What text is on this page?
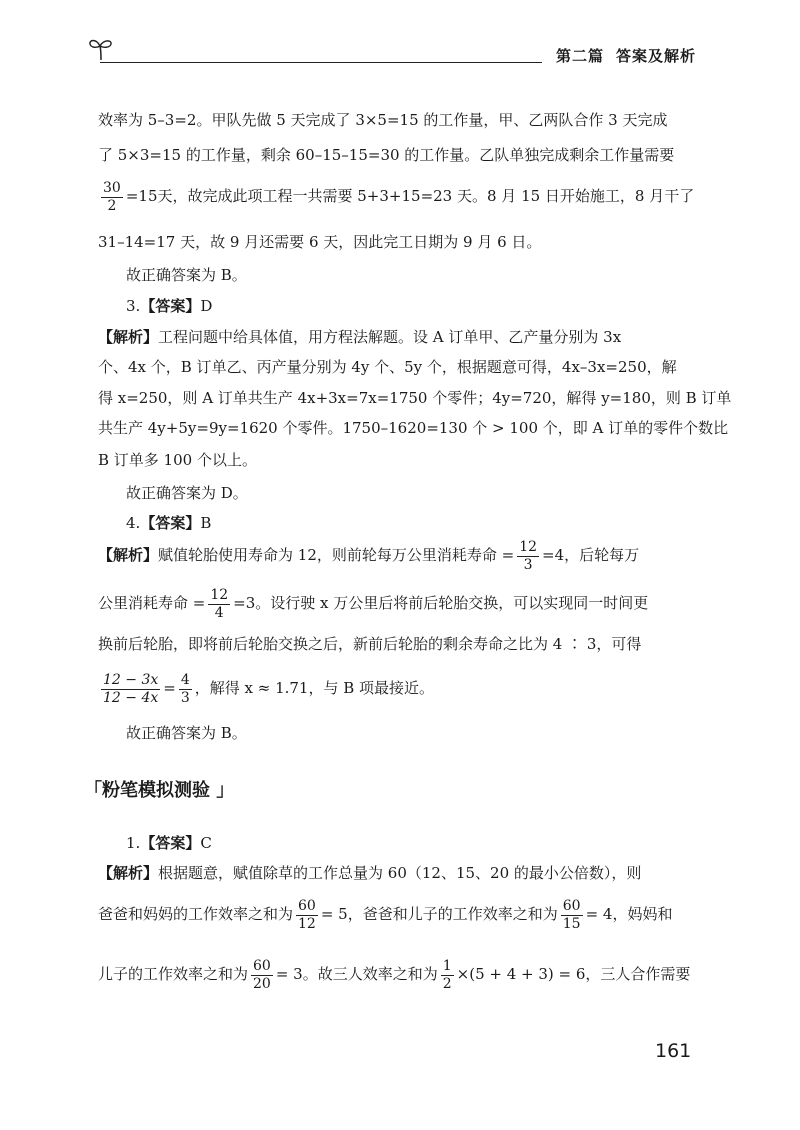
第二篇 答案及解析
效率为 5–3=2。甲队先做 5 天完成了 3×5=15 的工作量，甲、乙两队合作 3 天完成
了 5×3=15 的工作量，剩余 60–15–15=30 的工作量。乙队单独完成剩余工作量需要
$\frac{30}{2} =15$天，故完成此项工程一共需要 5+3+15=23 天。8 月 15 日开始施工，8 月干了
31–14=17 天，故 9 月还需要 6 天，因此完工日期为 9 月 6 日。
故正确答案为 B。
3.【答案】D
【解析】工程问题中给具体值，用方程法解题。设 A 订单甲、乙产量分别为 3x
个、4x 个，B 订单乙、丙产量分别为 4y 个、5y 个，根据题意可得，4x–3x=250，解
得 x=250，则 A 订单共生产 4x+3x=7x=1750 个零件；4y=720，解得 y=180，则 B 订单
共生产 4y+5y=9y=1620 个零件。1750–1620=130 个 > 100 个，即 A 订单的零件个数比
B 订单多 100 个以上。
故正确答案为 D。
4.【答案】B
【解析】赋值轮胎使用寿命为 12，则前轮每万公里消耗寿命 = $\frac{12}{3} =4$，后轮每万
公里消耗寿命 = $\frac{12}{4} =3$。设行驶 x 万公里后将前后轮胎交换，可以实现同一时间更
换前后轮胎，即将前后轮胎交换之后，新前后轮胎的剩余寿命之比为 4 ∶ 3，可得
$\frac{12 - 3x}{12 - 4x} = \frac{4}{3}$ ，解得 x ≈ 1.71，与 B 项最接近。
故正确答案为 B。
「粉笔模拟测验 」
1.【答案】C
【解析】根据题意，赋值除草的工作总量为 60（12、15、20 的最小公倍数），则
爸爸和妈妈的工作效率之和为 $\frac{60}{12} = 5$，爸爸和儿子的工作效率之和为 $\frac{60}{15} = 4$，妈妈和
儿子的工作效率之和为 $\frac{60}{20} = 3$。故三人效率之和为 $\frac{1}{2} \times(5 + 4 + 3) = 6$，三人合作需要
161
